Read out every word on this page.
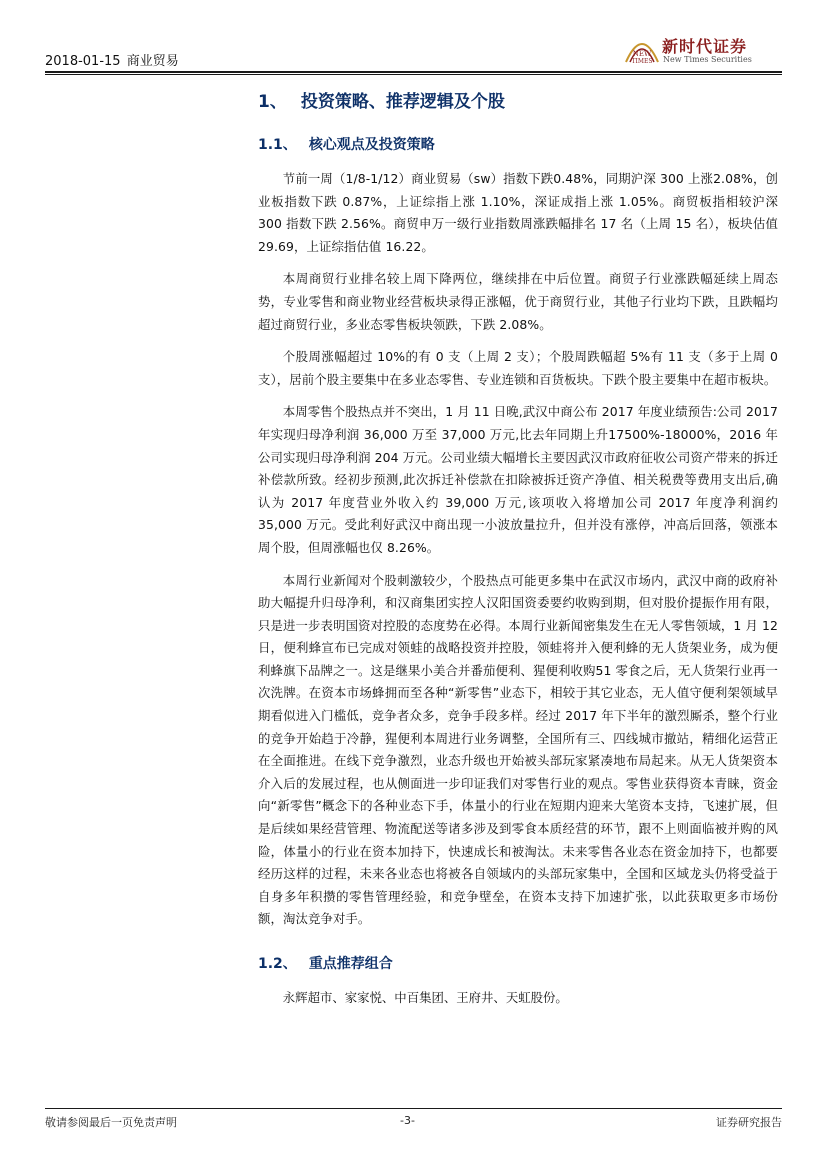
2018-01-15 商业贸易	NEW
TIMES
新时代证券
New Times Securities
1、 投资策略、推荐逻辑及个股
1.1、 核心观点及投资策略

节前一周（1/8-1/12）商业贸易（sw）指数下跌0.48%，同期沪深 300 上涨2.08%，创业板指数下跌 0.87%，上证综指上涨 1.10%，深证成指上涨 1.05%。商贸板指相较沪深 300 指数下跌 2.56%。商贸申万一级行业指数周涨跌幅排名 17 名（上周 15 名），板块估值 29.69，上证综指估值 16.22。

本周商贸行业排名较上周下降两位，继续排在中后位置。商贸子行业涨跌幅延续上周态势，专业零售和商业物业经营板块录得正涨幅，优于商贸行业，其他子行业均下跌，且跌幅均超过商贸行业，多业态零售板块领跌，下跌 2.08%。

个股周涨幅超过 10%的有 0 支（上周 2 支）；个股周跌幅超 5%有 11 支（多于上周 0 支），居前个股主要集中在多业态零售、专业连锁和百货板块。下跌个股主要集中在超市板块。

本周零售个股热点并不突出，1 月 11 日晚,武汉中商公布 2017 年度业绩预告:公司 2017 年实现归母净利润 36,000 万至 37,000 万元,比去年同期上升17500%-18000%，2016 年公司实现归母净利润 204 万元。公司业绩大幅增长主要因武汉市政府征收公司资产带来的拆迁补偿款所致。经初步预测,此次拆迁补偿款在扣除被拆迁资产净值、相关税费等费用支出后,确认为 2017 年度营业外收入约 39,000 万元,该项收入将增加公司 2017 年度净利润约 35,000 万元。受此利好武汉中商出现一小波放量拉升，但并没有涨停，冲高后回落，领涨本周个股，但周涨幅也仅 8.26%。

本周行业新闻对个股刺激较少，个股热点可能更多集中在武汉市场内，武汉中商的政府补助大幅提升归母净利，和汉商集团实控人汉阳国资委要约收购到期，但对股价提振作用有限，只是进一步表明国资对控股的态度势在必得。本周行业新闻密集发生在无人零售领域，1 月 12 日，便利蜂宣布已完成对领蛙的战略投资并控股，领蛙将并入便利蜂的无人货架业务，成为便利蜂旗下品牌之一。这是继果小美合并番茄便利、猩便利收购51 零食之后，无人货架行业再一次洗牌。在资本市场蜂拥而至各种“新零售”业态下，相较于其它业态，无人值守便利架领域早期看似进入门槛低，竞争者众多，竞争手段多样。经过 2017 年下半年的激烈厮杀，整个行业的竞争开始趋于冷静，猩便利本周进行业务调整，全国所有三、四线城市撤站，精细化运营正在全面推进。在线下竞争激烈，业态升级也开始被头部玩家紧凑地布局起来。从无人货架资本介入后的发展过程，也从侧面进一步印证我们对零售行业的观点。零售业获得资本青睐，资金向“新零售”概念下的各种业态下手，体量小的行业在短期内迎来大笔资本支持，飞速扩展，但是后续如果经营管理、物流配送等诸多涉及到零食本质经营的环节，跟不上则面临被并购的风险，体量小的行业在资本加持下，快速成长和被淘汰。未来零售各业态在资金加持下，也都要经历这样的过程，未来各业态也将被各自领域内的头部玩家集中，全国和区域龙头仍将受益于自身多年积攒的零售管理经验，和竞争壁垒，在资本支持下加速扩张，以此获取更多市场份额，淘汰竞争对手。

1.2、 重点推荐组合
永辉超市、家家悦、中百集团、王府井、天虹股份。
敬请参阅最后一页免责声明	-3-	证券研究报告
